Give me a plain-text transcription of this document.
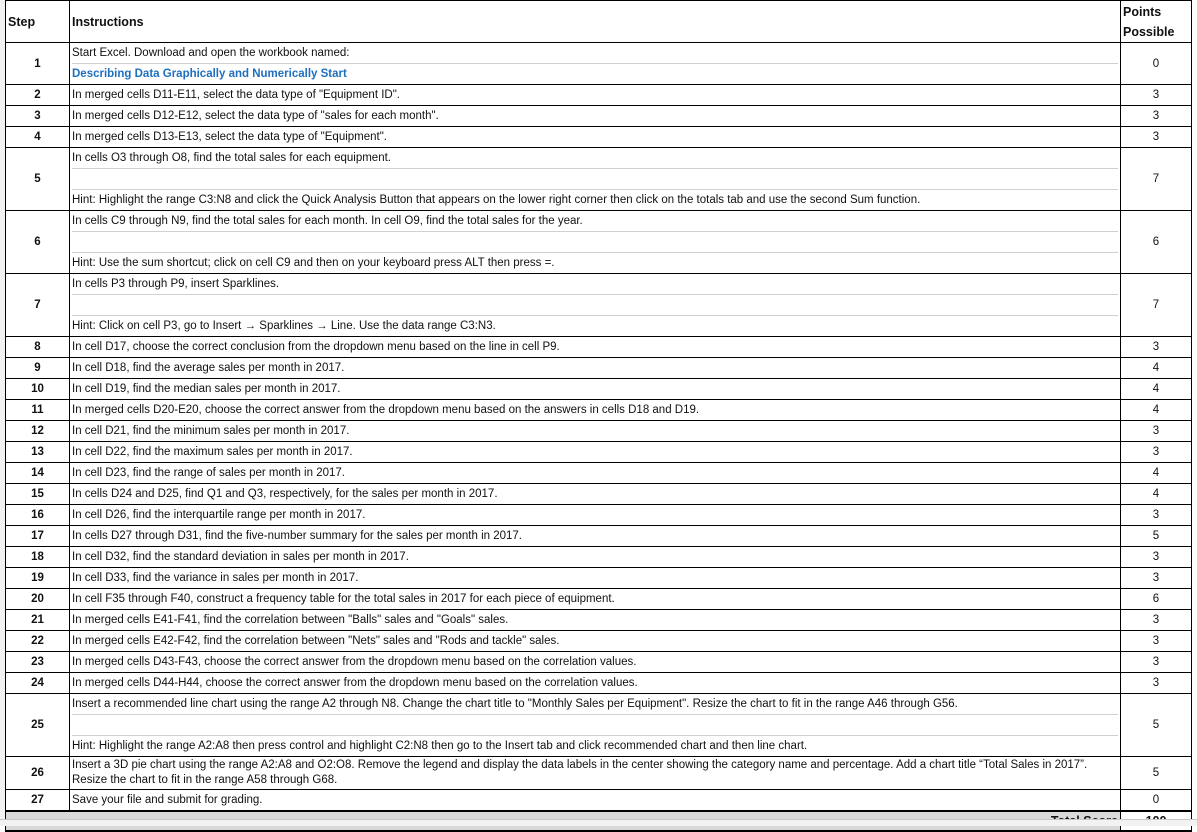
Step	Instructions	Points
Possible
1	Start Excel. Download and open the workbook named:
Describing Data Graphically and Numerically Start	0
2	In merged cells D11-E11, select the data type of "Equipment ID".	3
3	In merged cells D12-E12, select the data type of "sales for each month".	3
4	In merged cells D13-E13, select the data type of "Equipment".	3
5	In cells O3 through O8, find the total sales for each equipment.

Hint: Highlight the range C3:N8 and click the Quick Analysis Button that appears on the lower right corner then click on the totals tab and use the second Sum function.	7
6	In cells C9 through N9, find the total sales for each month. In cell O9, find the total sales for the year.

Hint: Use the sum shortcut; click on cell C9 and then on your keyboard press ALT then press =.	6
7	In cells P3 through P9, insert Sparklines.

Hint: Click on cell P3, go to Insert → Sparklines → Line. Use the data range C3:N3.	7
8	In cell D17, choose the correct conclusion from the dropdown menu based on the line in cell P9.	3
9	In cell D18, find the average sales per month in 2017.	4
10	In cell D19, find the median sales per month in 2017.	4
11	In merged cells D20-E20, choose the correct answer from the dropdown menu based on the answers in cells D18 and D19.	4
12	In cell D21, find the minimum sales per month in 2017.	3
13	In cell D22, find the maximum sales per month in 2017.	3
14	In cell D23, find the range of sales per month in 2017.	4
15	In cells D24 and D25, find Q1 and Q3, respectively, for the sales per month in 2017.	4
16	In cell D26, find the interquartile range per month in 2017.	3
17	In cells D27 through D31, find the five-number summary for the sales per month in 2017.	5
18	In cell D32, find the standard deviation in sales per month in 2017.	3
19	In cell D33, find the variance in sales per month in 2017.	3
20	In cell F35 through F40, construct a frequency table for the total sales in 2017 for each piece of equipment.	6
21	In merged cells E41-F41, find the correlation between "Balls" sales and "Goals" sales.	3
22	In merged cells E42-F42, find the correlation between "Nets" sales and "Rods and tackle" sales.	3
23	In merged cells D43-F43, choose the correct answer from the dropdown menu based on the correlation values.	3
24	In merged cells D44-H44, choose the correct answer from the dropdown menu based on the correlation values.	3
25	Insert a recommended line chart using the range A2 through N8. Change the chart title to "Monthly Sales per Equipment". Resize the chart to fit in the range A46 through G56.

Hint: Highlight the range A2:A8 then press control and highlight C2:N8 then go to the Insert tab and click recommended chart and then line chart.	5
26	Insert a 3D pie chart using the range A2:A8 and O2:O8. Remove the legend and display the data labels in the center showing the category name and percentage. Add a chart title “Total Sales in 2017”. Resize the chart to fit in the range A58 through G68.	5
27	Save your file and submit for grading.	0
